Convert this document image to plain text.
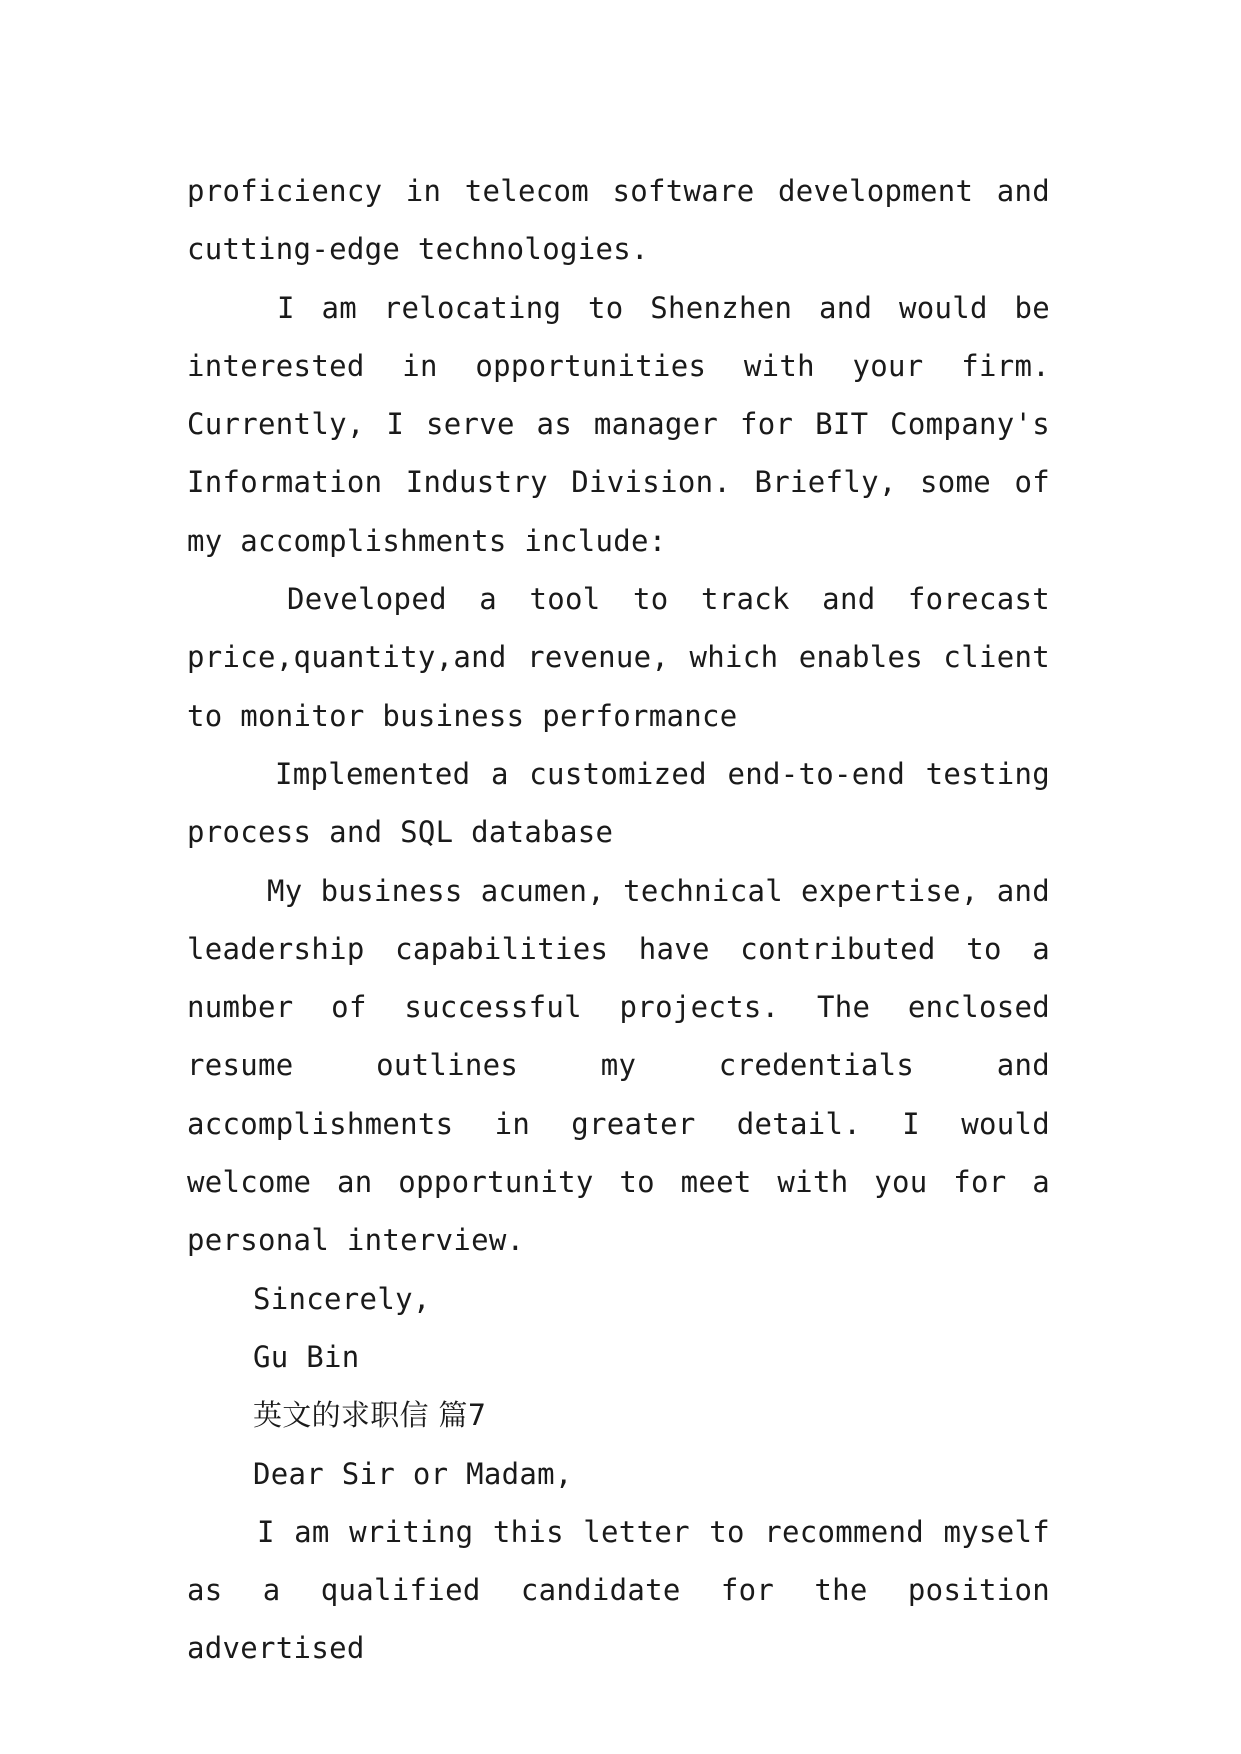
proficiency in telecom software development and cutting-edge technologies.

I am relocating to Shenzhen and would be interested in opportunities with your firm. Currently, I serve as manager for BIT Company's Information Industry Division. Briefly, some of my accomplishments include:

Developed a tool to track and forecast price,quantity,and revenue, which enables client to monitor business performance

Implemented a customized end-to-end testing process and SQL database

My business acumen, technical expertise, and leadership capabilities have contributed to a number of successful projects. The enclosed resume outlines my credentials and accomplishments in greater detail. I would welcome an opportunity to meet with you for a personal interview.

Sincerely,

Gu Bin

英文的求职信 篇7

Dear Sir or Madam,

I am writing this letter to recommend myself as a qualified candidate for the position advertised
